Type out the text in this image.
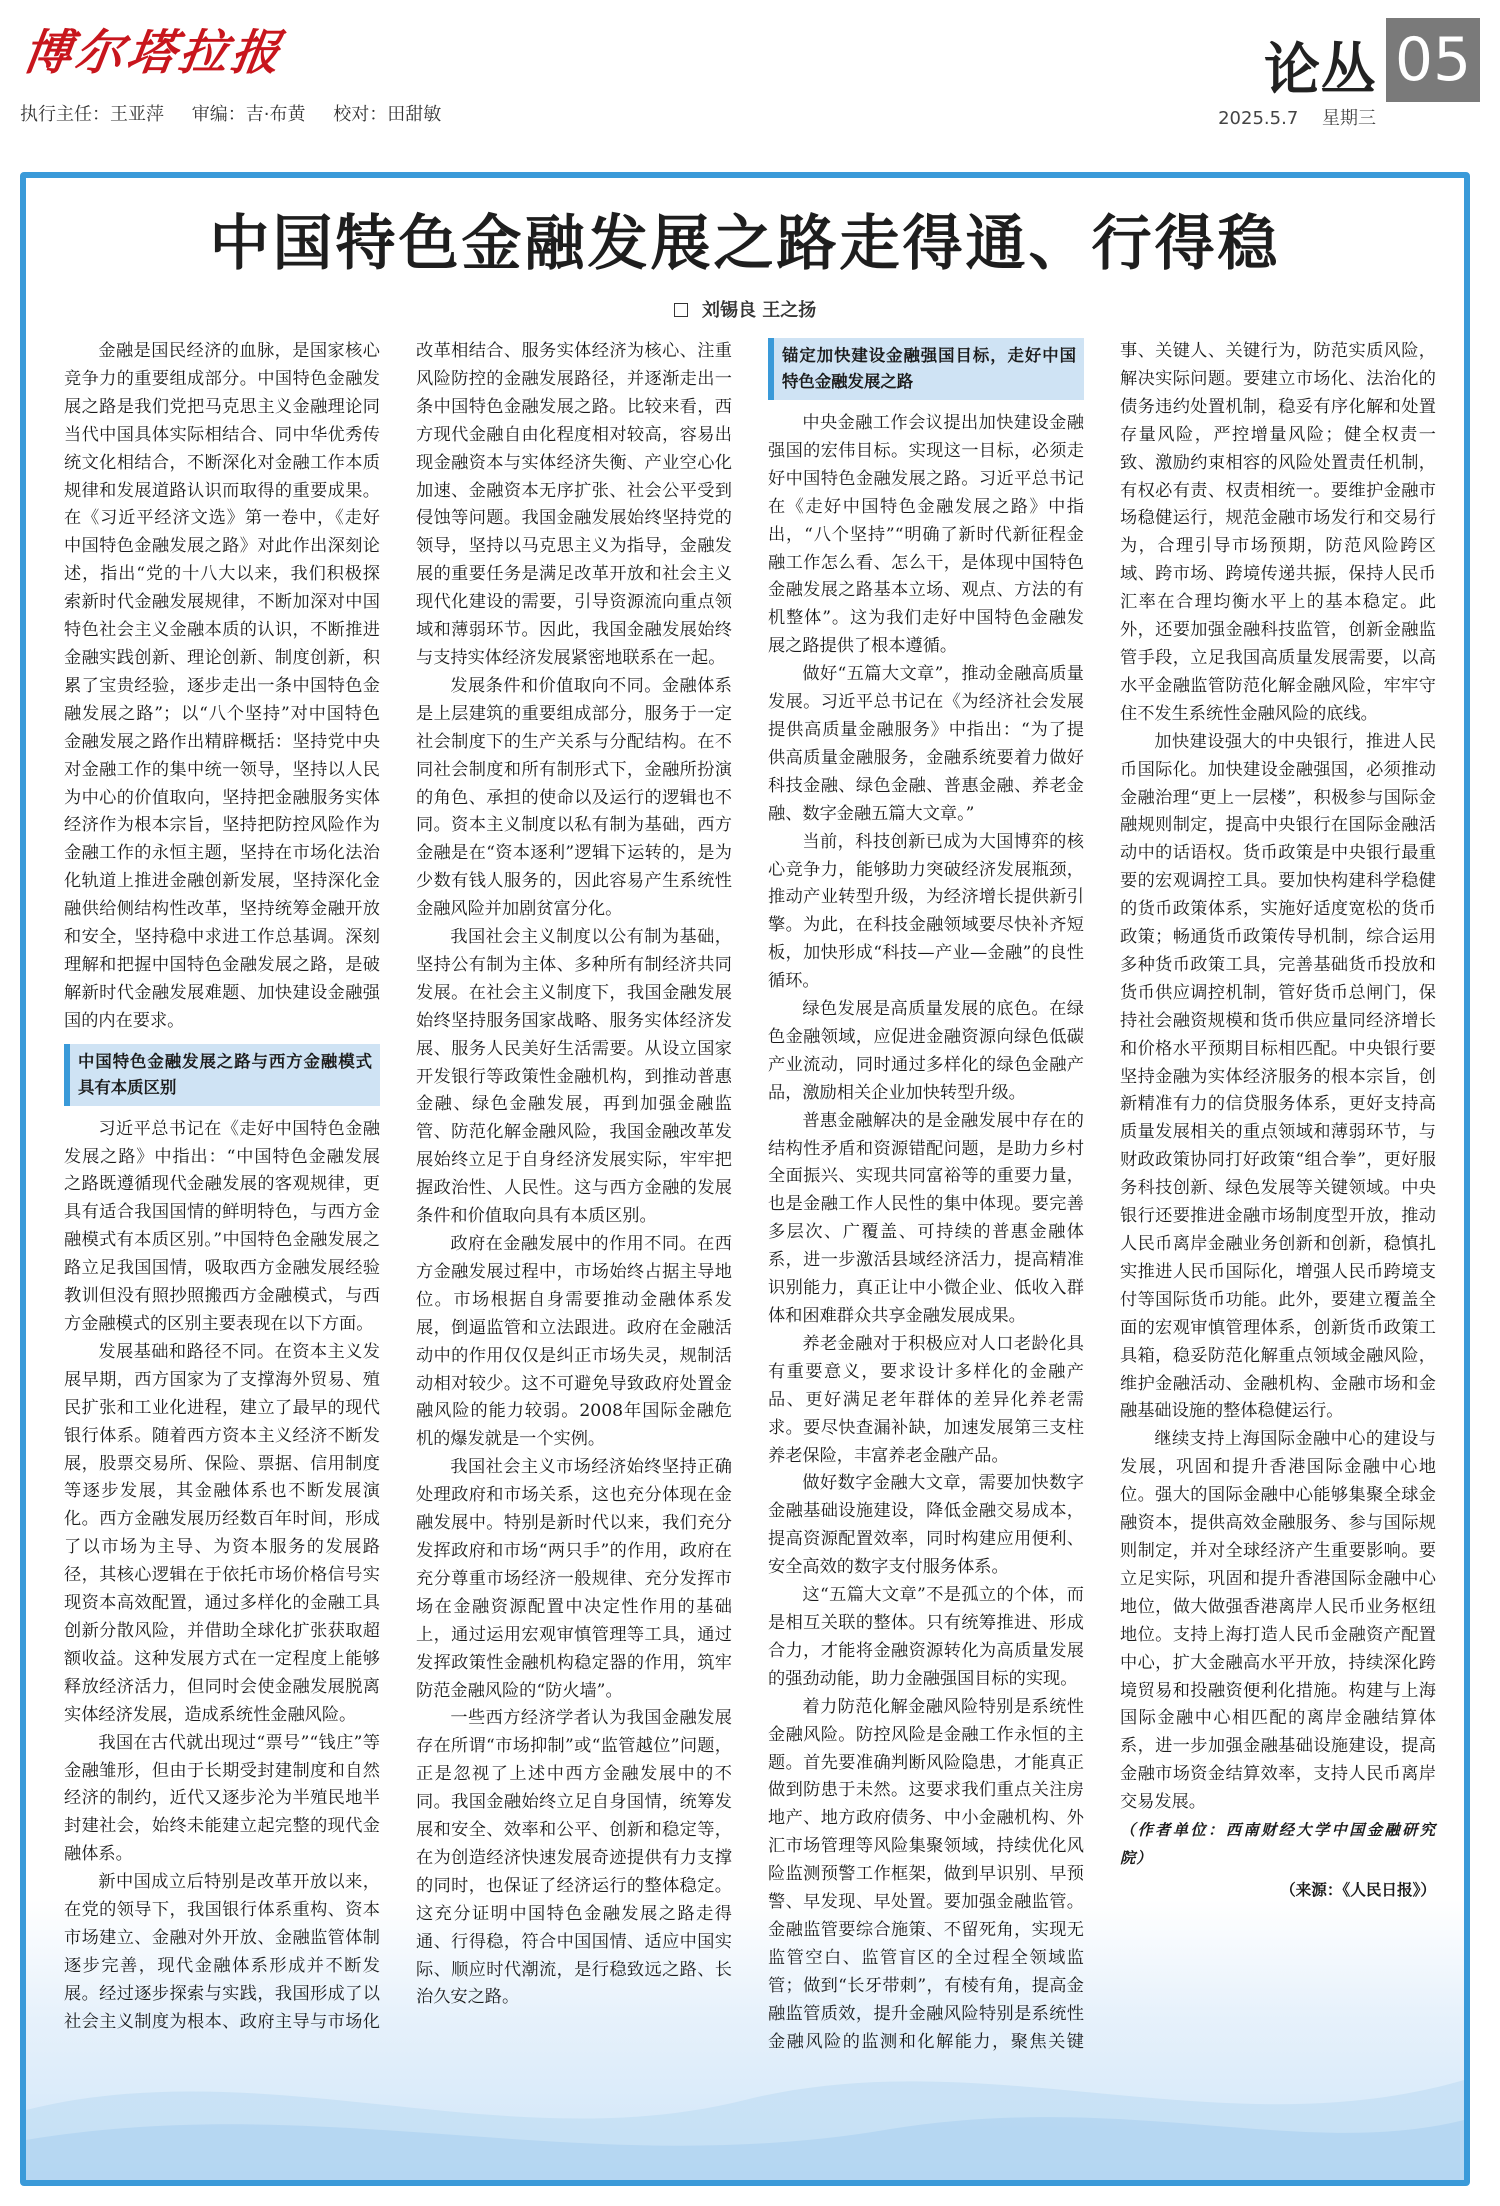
博尔塔拉报
执行主任：王亚萍 审编：吉·布黄 校对：田甜敏
论丛 05
2025.5.7 星期三
中国特色金融发展之路走得通、行得稳
刘锡良 王之扬

金融是国民经济的血脉，是国家核心竞争力的重要组成部分。中国特色金融发展之路是我们党把马克思主义金融理论同当代中国具体实际相结合、同中华优秀传统文化相结合，不断深化对金融工作本质规律和发展道路认识而取得的重要成果。在《习近平经济文选》第一卷中，《走好中国特色金融发展之路》对此作出深刻论述，指出“党的十八大以来，我们积极探索新时代金融发展规律，不断加深对中国特色社会主义金融本质的认识，不断推进金融实践创新、理论创新、制度创新，积累了宝贵经验，逐步走出一条中国特色金融发展之路”；以“八个坚持”对中国特色金融发展之路作出精辟概括：坚持党中央对金融工作的集中统一领导，坚持以人民为中心的价值取向，坚持把金融服务实体经济作为根本宗旨，坚持把防控风险作为金融工作的永恒主题，坚持在市场化法治化轨道上推进金融创新发展，坚持深化金融供给侧结构性改革，坚持统筹金融开放和安全，坚持稳中求进工作总基调。深刻理解和把握中国特色金融发展之路，是破解新时代金融发展难题、加快建设金融强国的内在要求。

中国特色金融发展之路与西方金融模式具有本质区别

习近平总书记在《走好中国特色金融发展之路》中指出：“中国特色金融发展之路既遵循现代金融发展的客观规律，更具有适合我国国情的鲜明特色，与西方金融模式有本质区别。”中国特色金融发展之路立足我国国情，吸取西方金融发展经验教训但没有照抄照搬西方金融模式，与西方金融模式的区别主要表现在以下方面。

发展基础和路径不同。在资本主义发展早期，西方国家为了支撑海外贸易、殖民扩张和工业化进程，建立了最早的现代银行体系。随着西方资本主义经济不断发展，股票交易所、保险、票据、信用制度等逐步发展，其金融体系也不断发展演化。西方金融发展历经数百年时间，形成了以市场为主导、为资本服务的发展路径，其核心逻辑在于依托市场价格信号实现资本高效配置，通过多样化的金融工具创新分散风险，并借助全球化扩张获取超额收益。这种发展方式在一定程度上能够释放经济活力，但同时会使金融发展脱离实体经济发展，造成系统性金融风险。

我国在古代就出现过“票号”“钱庄”等金融雏形，但由于长期受封建制度和自然经济的制约，近代又逐步沦为半殖民地半封建社会，始终未能建立起完整的现代金融体系。

新中国成立后特别是改革开放以来，在党的领导下，我国银行体系重构、资本市场建立、金融对外开放、金融监管体制逐步完善，现代金融体系形成并不断发展。经过逐步探索与实践，我国形成了以社会主义制度为根本、政府主导与市场化改革相结合、服务实体经济为核心、注重风险防控的金融发展路径，并逐渐走出一条中国特色金融发展之路。比较来看，西方现代金融自由化程度相对较高，容易出现金融资本与实体经济失衡、产业空心化加速、金融资本无序扩张、社会公平受到侵蚀等问题。我国金融发展始终坚持党的领导，坚持以马克思主义为指导，金融发展的重要任务是满足改革开放和社会主义现代化建设的需要，引导资源流向重点领域和薄弱环节。因此，我国金融发展始终与支持实体经济发展紧密地联系在一起。

发展条件和价值取向不同。金融体系是上层建筑的重要组成部分，服务于一定社会制度下的生产关系与分配结构。在不同社会制度和所有制形式下，金融所扮演的角色、承担的使命以及运行的逻辑也不同。资本主义制度以私有制为基础，西方金融是在“资本逐利”逻辑下运转的，是为少数有钱人服务的，因此容易产生系统性金融风险并加剧贫富分化。

我国社会主义制度以公有制为基础，坚持公有制为主体、多种所有制经济共同发展。在社会主义制度下，我国金融发展始终坚持服务国家战略、服务实体经济发展、服务人民美好生活需要。从设立国家开发银行等政策性金融机构，到推动普惠金融、绿色金融发展，再到加强金融监管、防范化解金融风险，我国金融改革发展始终立足于自身经济发展实际，牢牢把握政治性、人民性。这与西方金融的发展条件和价值取向具有本质区别。

政府在金融发展中的作用不同。在西方金融发展过程中，市场始终占据主导地位。市场根据自身需要推动金融体系发展，倒逼监管和立法跟进。政府在金融活动中的作用仅仅是纠正市场失灵，规制活动相对较少。这不可避免导致政府处置金融风险的能力较弱。2008年国际金融危机的爆发就是一个实例。

我国社会主义市场经济始终坚持正确处理政府和市场关系，这也充分体现在金融发展中。特别是新时代以来，我们充分发挥政府和市场“两只手”的作用，政府在充分尊重市场经济一般规律、充分发挥市场在金融资源配置中决定性作用的基础上，通过运用宏观审慎管理等工具，通过发挥政策性金融机构稳定器的作用，筑牢防范金融风险的“防火墙”。

一些西方经济学者认为我国金融发展存在所谓“市场抑制”或“监管越位”问题，正是忽视了上述中西方金融发展中的不同。我国金融始终立足自身国情，统筹发展和安全、效率和公平、创新和稳定等，在为创造经济快速发展奇迹提供有力支撑的同时，也保证了经济运行的整体稳定。这充分证明中国特色金融发展之路走得通、行得稳，符合中国国情、适应中国实际、顺应时代潮流，是行稳致远之路、长治久安之路。

锚定加快建设金融强国目标，走好中国特色金融发展之路

中央金融工作会议提出加快建设金融强国的宏伟目标。实现这一目标，必须走好中国特色金融发展之路。习近平总书记在《走好中国特色金融发展之路》中指出，“八个坚持”“明确了新时代新征程金融工作怎么看、怎么干，是体现中国特色金融发展之路基本立场、观点、方法的有机整体”。这为我们走好中国特色金融发展之路提供了根本遵循。

做好“五篇大文章”，推动金融高质量发展。习近平总书记在《为经济社会发展提供高质量金融服务》中指出：“为了提供高质量金融服务，金融系统要着力做好科技金融、绿色金融、普惠金融、养老金融、数字金融五篇大文章。”

当前，科技创新已成为大国博弈的核心竞争力，能够助力突破经济发展瓶颈，推动产业转型升级，为经济增长提供新引擎。为此，在科技金融领域要尽快补齐短板，加快形成“科技—产业—金融”的良性循环。

绿色发展是高质量发展的底色。在绿色金融领域，应促进金融资源向绿色低碳产业流动，同时通过多样化的绿色金融产品，激励相关企业加快转型升级。

普惠金融解决的是金融发展中存在的结构性矛盾和资源错配问题，是助力乡村全面振兴、实现共同富裕等的重要力量，也是金融工作人民性的集中体现。要完善多层次、广覆盖、可持续的普惠金融体系，进一步激活县域经济活力，提高精准识别能力，真正让中小微企业、低收入群体和困难群众共享金融发展成果。

养老金融对于积极应对人口老龄化具有重要意义，要求设计多样化的金融产品、更好满足老年群体的差异化养老需求。要尽快查漏补缺，加速发展第三支柱养老保险，丰富养老金融产品。

做好数字金融大文章，需要加快数字金融基础设施建设，降低金融交易成本，提高资源配置效率，同时构建应用便利、安全高效的数字支付服务体系。

这“五篇大文章”不是孤立的个体，而是相互关联的整体。只有统筹推进、形成合力，才能将金融资源转化为高质量发展的强劲动能，助力金融强国目标的实现。

着力防范化解金融风险特别是系统性金融风险。防控风险是金融工作永恒的主题。首先要准确判断风险隐患，才能真正做到防患于未然。这要求我们重点关注房地产、地方政府债务、中小金融机构、外汇市场管理等风险集聚领域，持续优化风险监测预警工作框架，做到早识别、早预警、早发现、早处置。要加强金融监管。金融监管要综合施策、不留死角，实现无监管空白、监管盲区的全过程全领域监管；做到“长牙带刺”，有棱有角，提高金融监管质效，提升金融风险特别是系统性金融风险的监测和化解能力，聚焦关键事、关键人、关键行为，防范实质风险，解决实际问题。要建立市场化、法治化的债务违约处置机制，稳妥有序化解和处置存量风险，严控增量风险；健全权责一致、激励约束相容的风险处置责任机制，有权必有责、权责相统一。要维护金融市场稳健运行，规范金融市场发行和交易行为，合理引导市场预期，防范风险跨区域、跨市场、跨境传递共振，保持人民币汇率在合理均衡水平上的基本稳定。此外，还要加强金融科技监管，创新金融监管手段，立足我国高质量发展需要，以高水平金融监管防范化解金融风险，牢牢守住不发生系统性金融风险的底线。

加快建设强大的中央银行，推进人民币国际化。加快建设金融强国，必须推动金融治理“更上一层楼”，积极参与国际金融规则制定，提高中央银行在国际金融活动中的话语权。货币政策是中央银行最重要的宏观调控工具。要加快构建科学稳健的货币政策体系，实施好适度宽松的货币政策；畅通货币政策传导机制，综合运用多种货币政策工具，完善基础货币投放和货币供应调控机制，管好货币总闸门，保持社会融资规模和货币供应量同经济增长和价格水平预期目标相匹配。中央银行要坚持金融为实体经济服务的根本宗旨，创新精准有力的信贷服务体系，更好支持高质量发展相关的重点领域和薄弱环节，与财政政策协同打好政策“组合拳”，更好服务科技创新、绿色发展等关键领域。中央银行还要推进金融市场制度型开放，推动人民币离岸金融业务创新和创新，稳慎扎实推进人民币国际化，增强人民币跨境支付等国际货币功能。此外，要建立覆盖全面的宏观审慎管理体系，创新货币政策工具箱，稳妥防范化解重点领域金融风险，维护金融活动、金融机构、金融市场和金融基础设施的整体稳健运行。

继续支持上海国际金融中心的建设与发展，巩固和提升香港国际金融中心地位。强大的国际金融中心能够集聚全球金融资本，提供高效金融服务、参与国际规则制定，并对全球经济产生重要影响。要立足实际，巩固和提升香港国际金融中心地位，做大做强香港离岸人民币业务枢纽地位。支持上海打造人民币金融资产配置中心，扩大金融高水平开放，持续深化跨境贸易和投融资便利化措施。构建与上海国际金融中心相匹配的离岸金融结算体系，进一步加强金融基础设施建设，提高金融市场资金结算效率，支持人民币离岸交易发展。

（作者单位：西南财经大学中国金融研究院）

（来源：《人民日报》）
